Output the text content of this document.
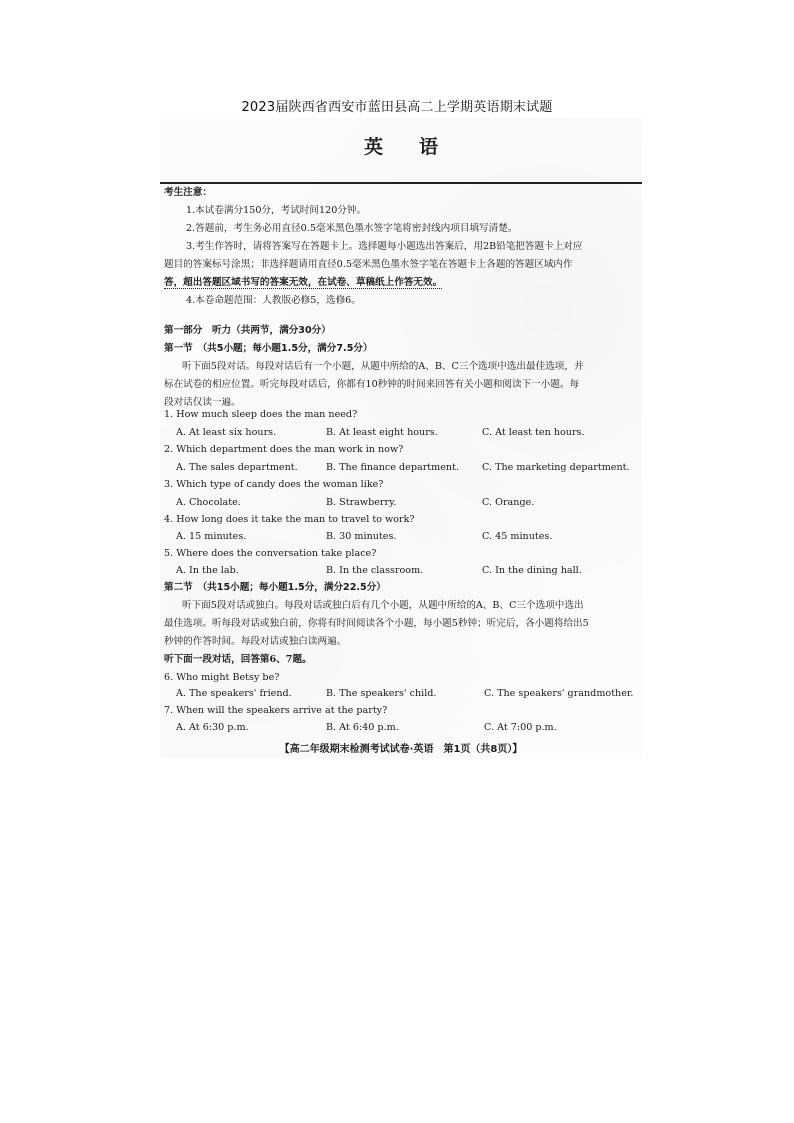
2023届陕西省西安市蓝田县高二上学期英语期末试题
英语
考生注意：
1.本试卷满分150分，考试时间120分钟。
2.答题前，考生务必用直径0.5毫米黑色墨水签字笔将密封线内项目填写清楚。
3.考生作答时，请将答案写在答题卡上。选择题每小题选出答案后，用2B铅笔把答题卡上对应
题目的答案标号涂黑；非选择题请用直径0.5毫米黑色墨水签字笔在答题卡上各题的答题区域内作
答，超出答题区域书写的答案无效，在试卷、草稿纸上作答无效。
4.本卷命题范围：人教版必修5，选修6。
第一部分　听力（共两节，满分30分）
第一节　（共5小题；每小题1.5分，满分7.5分）
听下面5段对话。每段对话后有一个小题，从题中所给的A、B、C三个选项中选出最佳选项，并
标在试卷的相应位置。听完每段对话后，你都有10秒钟的时间来回答有关小题和阅读下一小题。每
段对话仅读一遍。
1. How much sleep does the man need?
A. At least six hours.	B. At least eight hours.	C. At least ten hours.
2. Which department does the man work in now?
A. The sales department.	B. The finance department. C. The marketing department.
3. Which type of candy does the woman like?
A. Chocolate.	B. Strawberry.	C. Orange.
4. How long does it take the man to travel to work?
A. 15 minutes.	B. 30 minutes.	C. 45 minutes.
5. Where does the conversation take place?
A. In the lab.	B. In the classroom.	C. In the dining hall.
第二节　（共15小题；每小题1.5分，满分22.5分）
听下面5段对话或独白。每段对话或独白后有几个小题，从题中所给的A、B、C三个选项中选出
最佳选项。听每段对话或独白前，你将有时间阅读各个小题，每小题5秒钟；听完后，各小题将给出5
秒钟的作答时间。每段对话或独白读两遍。
听下面一段对话，回答第6、7题。
6. Who might Betsy be?
A. The speakers' friend.	B. The speakers' child.	C. The speakers' grandmother.
7. When will the speakers arrive at the party?
A. At 6:30 p.m.	B. At 6:40 p.m.	C. At 7:00 p.m.
【高二年级期末检测考试试卷·英语　第1页（共8页）】
